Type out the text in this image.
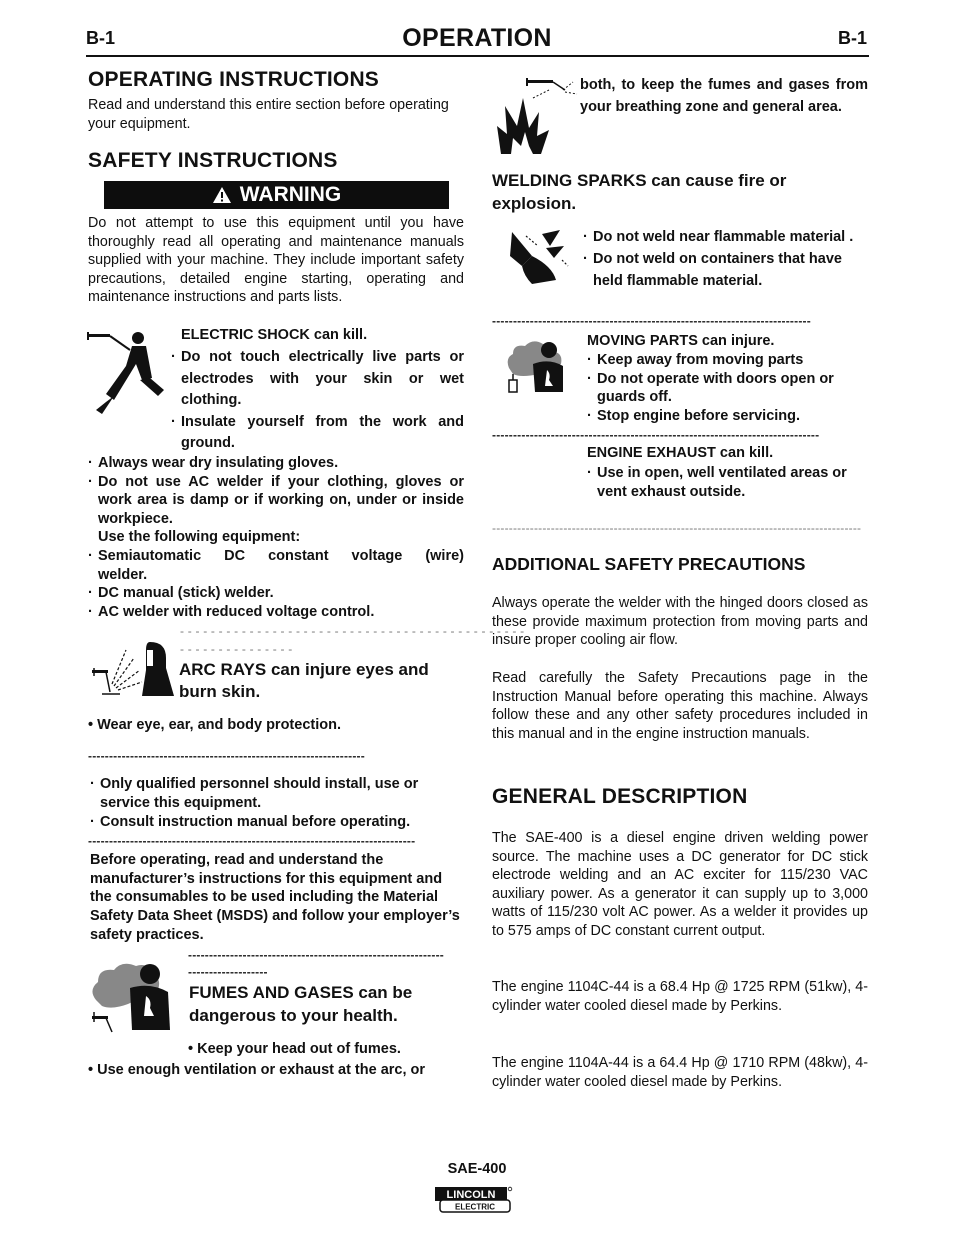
B-1	OPERATION	B-1
OPERATING INSTRUCTIONS
Read and understand this entire section before operating your equipment.
SAFETY INSTRUCTIONS
WARNING
Do not attempt to use this equipment until you have thoroughly read all operating and maintenance manuals supplied with your machine. They include important safety precautions, detailed engine starting, operating and maintenance instructions and parts lists.
ELECTRIC SHOCK can kill.
· Do not touch electrically live parts or electrodes with your skin or wet clothing.
· Insulate yourself from the work and ground.
· Always wear dry insulating gloves.
· Do not use AC welder if your clothing, gloves or work area is damp or if working on, under or inside workpiece.
Use the following equipment:
· Semiautomatic DC constant voltage (wire) welder.
· DC manual (stick) welder.
· AC welder with reduced voltage control.
- - - - - - - - - - - - - - - - - - - - - - - - - - - - - - - - - - - - - - - - - - - - -
- - - - - - - - - - - - - - -
ARC RAYS can injure eyes and burn skin.
• Wear eye, ear, and body protection.
------------------------------------------------------------------
· Only qualified personnel should install, use or service this equipment.
· Consult instruction manual before operating.
------------------------------------------------------------------------------
Before operating, read and understand the manufacturer’s instructions for this equipment and the consumables to be used including the Material Safety Data Sheet (MSDS) and follow your employer’s safety practices.
-------------------------------------------------------------
-------------------
FUMES AND GASES can be dangerous to your health.
• Keep your head out of fumes.
• Use enough ventilation or exhaust at the arc, or
both, to keep the fumes and gases from your breathing zone and general area.
WELDING SPARKS can cause fire or explosion.
· Do not weld near flammable material .
· Do not weld on containers that have held flammable material.
----------------------------------------------------------------------------
MOVING PARTS can injure.
· Keep away from moving parts
· Do not operate with doors open or guards off.
· Stop engine before servicing.
------------------------------------------------------------------------------
ENGINE EXHAUST can kill.
· Use in open, well ventilated areas or vent exhaust outside.
----------------------------------------------------------------------------------------
ADDITIONAL SAFETY PRECAUTIONS
Always operate the welder with the hinged doors closed as these provide maximum protection from moving parts and insure proper cooling air flow.
Read carefully the Safety Precautions page in the Instruction Manual before operating this machine. Always follow these and any other safety procedures included in this manual and in the engine instruction manuals.
GENERAL DESCRIPTION
The SAE-400 is a diesel engine driven welding power source. The machine uses a DC generator for DC stick electrode welding and an AC exciter for 115/230 VAC auxiliary power. As a generator it can supply up to 3,000 watts of 115/230 volt AC power. As a welder it provides up to 575 amps of DC constant current output.
The engine 1104C-44 is a 68.4 Hp @ 1725 RPM (51kw), 4-cylinder water cooled diesel made by Perkins.
The engine 1104A-44 is a 64.4 Hp @ 1710 RPM (48kw), 4-cylinder water cooled diesel made by Perkins.
SAE-400
LINCOLN
ELECTRIC
